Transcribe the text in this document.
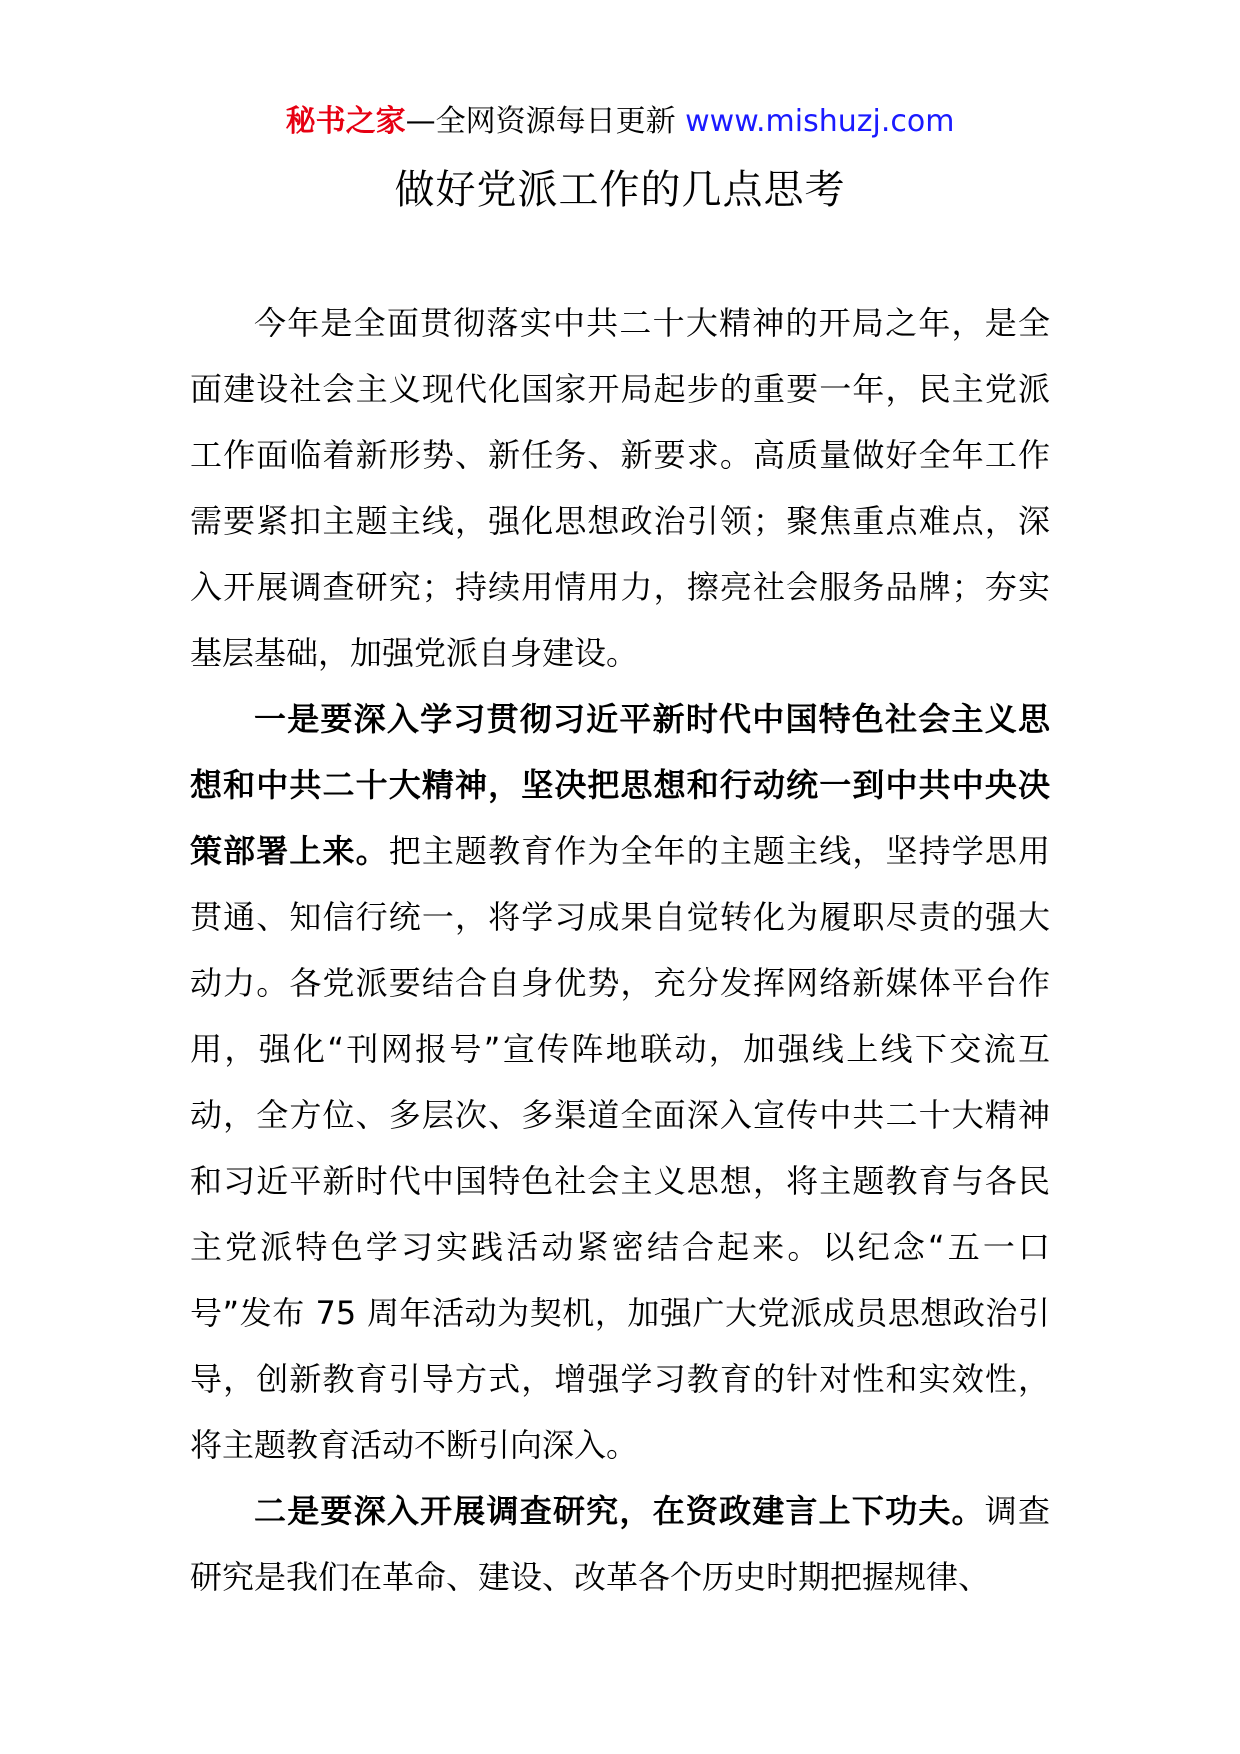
秘书之家—全网资源每日更新 www.mishuzj.com
做好党派工作的几点思考

今年是全面贯彻落实中共二十大精神的开局之年，是全面建设社会主义现代化国家开局起步的重要一年，民主党派工作面临着新形势、新任务、新要求。高质量做好全年工作需要紧扣主题主线，强化思想政治引领；聚焦重点难点，深入开展调查研究；持续用情用力，擦亮社会服务品牌；夯实基层基础，加强党派自身建设。

一是要深入学习贯彻习近平新时代中国特色社会主义思想和中共二十大精神，坚决把思想和行动统一到中共中央决策部署上来。把主题教育作为全年的主题主线，坚持学思用贯通、知信行统一，将学习成果自觉转化为履职尽责的强大动力。各党派要结合自身优势，充分发挥网络新媒体平台作用，强化“刊网报号”宣传阵地联动，加强线上线下交流互动，全方位、多层次、多渠道全面深入宣传中共二十大精神和习近平新时代中国特色社会主义思想，将主题教育与各民主党派特色学习实践活动紧密结合起来。以纪念“五一口号”发布 75 周年活动为契机，加强广大党派成员思想政治引导，创新教育引导方式，增强学习教育的针对性和实效性，将主题教育活动不断引向深入。

二是要深入开展调查研究，在资政建言上下功夫。调查研究是我们在革命、建设、改革各个历史时期把握规律、
